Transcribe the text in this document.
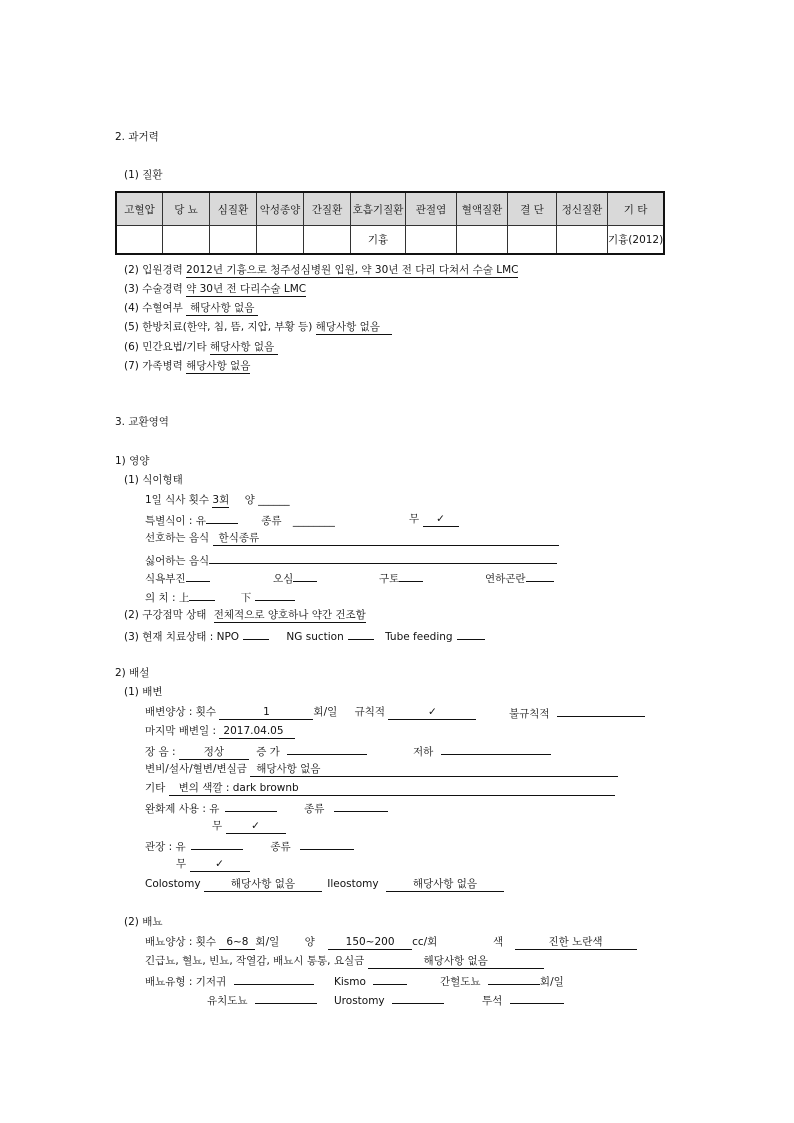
2. 과거력
(1) 질환
고혈압	당 뇨	심질환	악성종양	간질환	호흡기질환	관절염	혈액질환	결 단	정신질환	기 타
					기흉					기흉(2012)
(2) 입원경력 2012년 기흉으로 청주성심병원 입원, 약 30년 전 다리 다쳐서 수술 LMC
(3) 수술경력 약 30년 전 다리수술 LMC
(4) 수혈여부 해당사항 없음
(5) 한방치료(한약, 침, 뜸, 지압, 부황 등) 해당사항 없음
(6) 민간요법/기타 해당사항 없음
(7) 가족병력 해당사항 없음
3. 교환영역
1) 영양
(1) 식이형태
1일 식사 횟수 3회 양 ______
특별식이 : 유	종류 ________	무 ✓
선호하는 음식 한식종류
싫어하는 음식
식욕부진	오심	구토	연하곤란
의 치 : 上	下
(2) 구강점막 상태 전체적으로 양호하나 약간 건조함
(3) 현재 치료상태 : NPO	NG suction	Tube feeding
2) 배설
(1) 배변
배변양상 : 횟수	1	회/일 규칙적	✓	불규칙적
마지막 배변일 : 2017.04.05
장 음 :	정상	증 가	저하
변비/설사/혈변/변실금 해당사항 없음
기타 변의 색깔 : dark brownb
완화제 사용 : 유	종류
무	✓
관장 : 유	종류
무	✓
Colostomy	해당사항 없음	Ileostomy	해당사항 없음
(2) 배뇨
배뇨양상 : 횟수 6~8 회/일 양	150~200 cc/회	색	진한 노란색
긴급뇨, 혈뇨, 빈뇨, 작열감, 배뇨시 통통, 요실금	해당사항 없음
배뇨유형 : 기저귀	Kismo	간헐도뇨	회/일
유치도뇨	Urostomy	투석
